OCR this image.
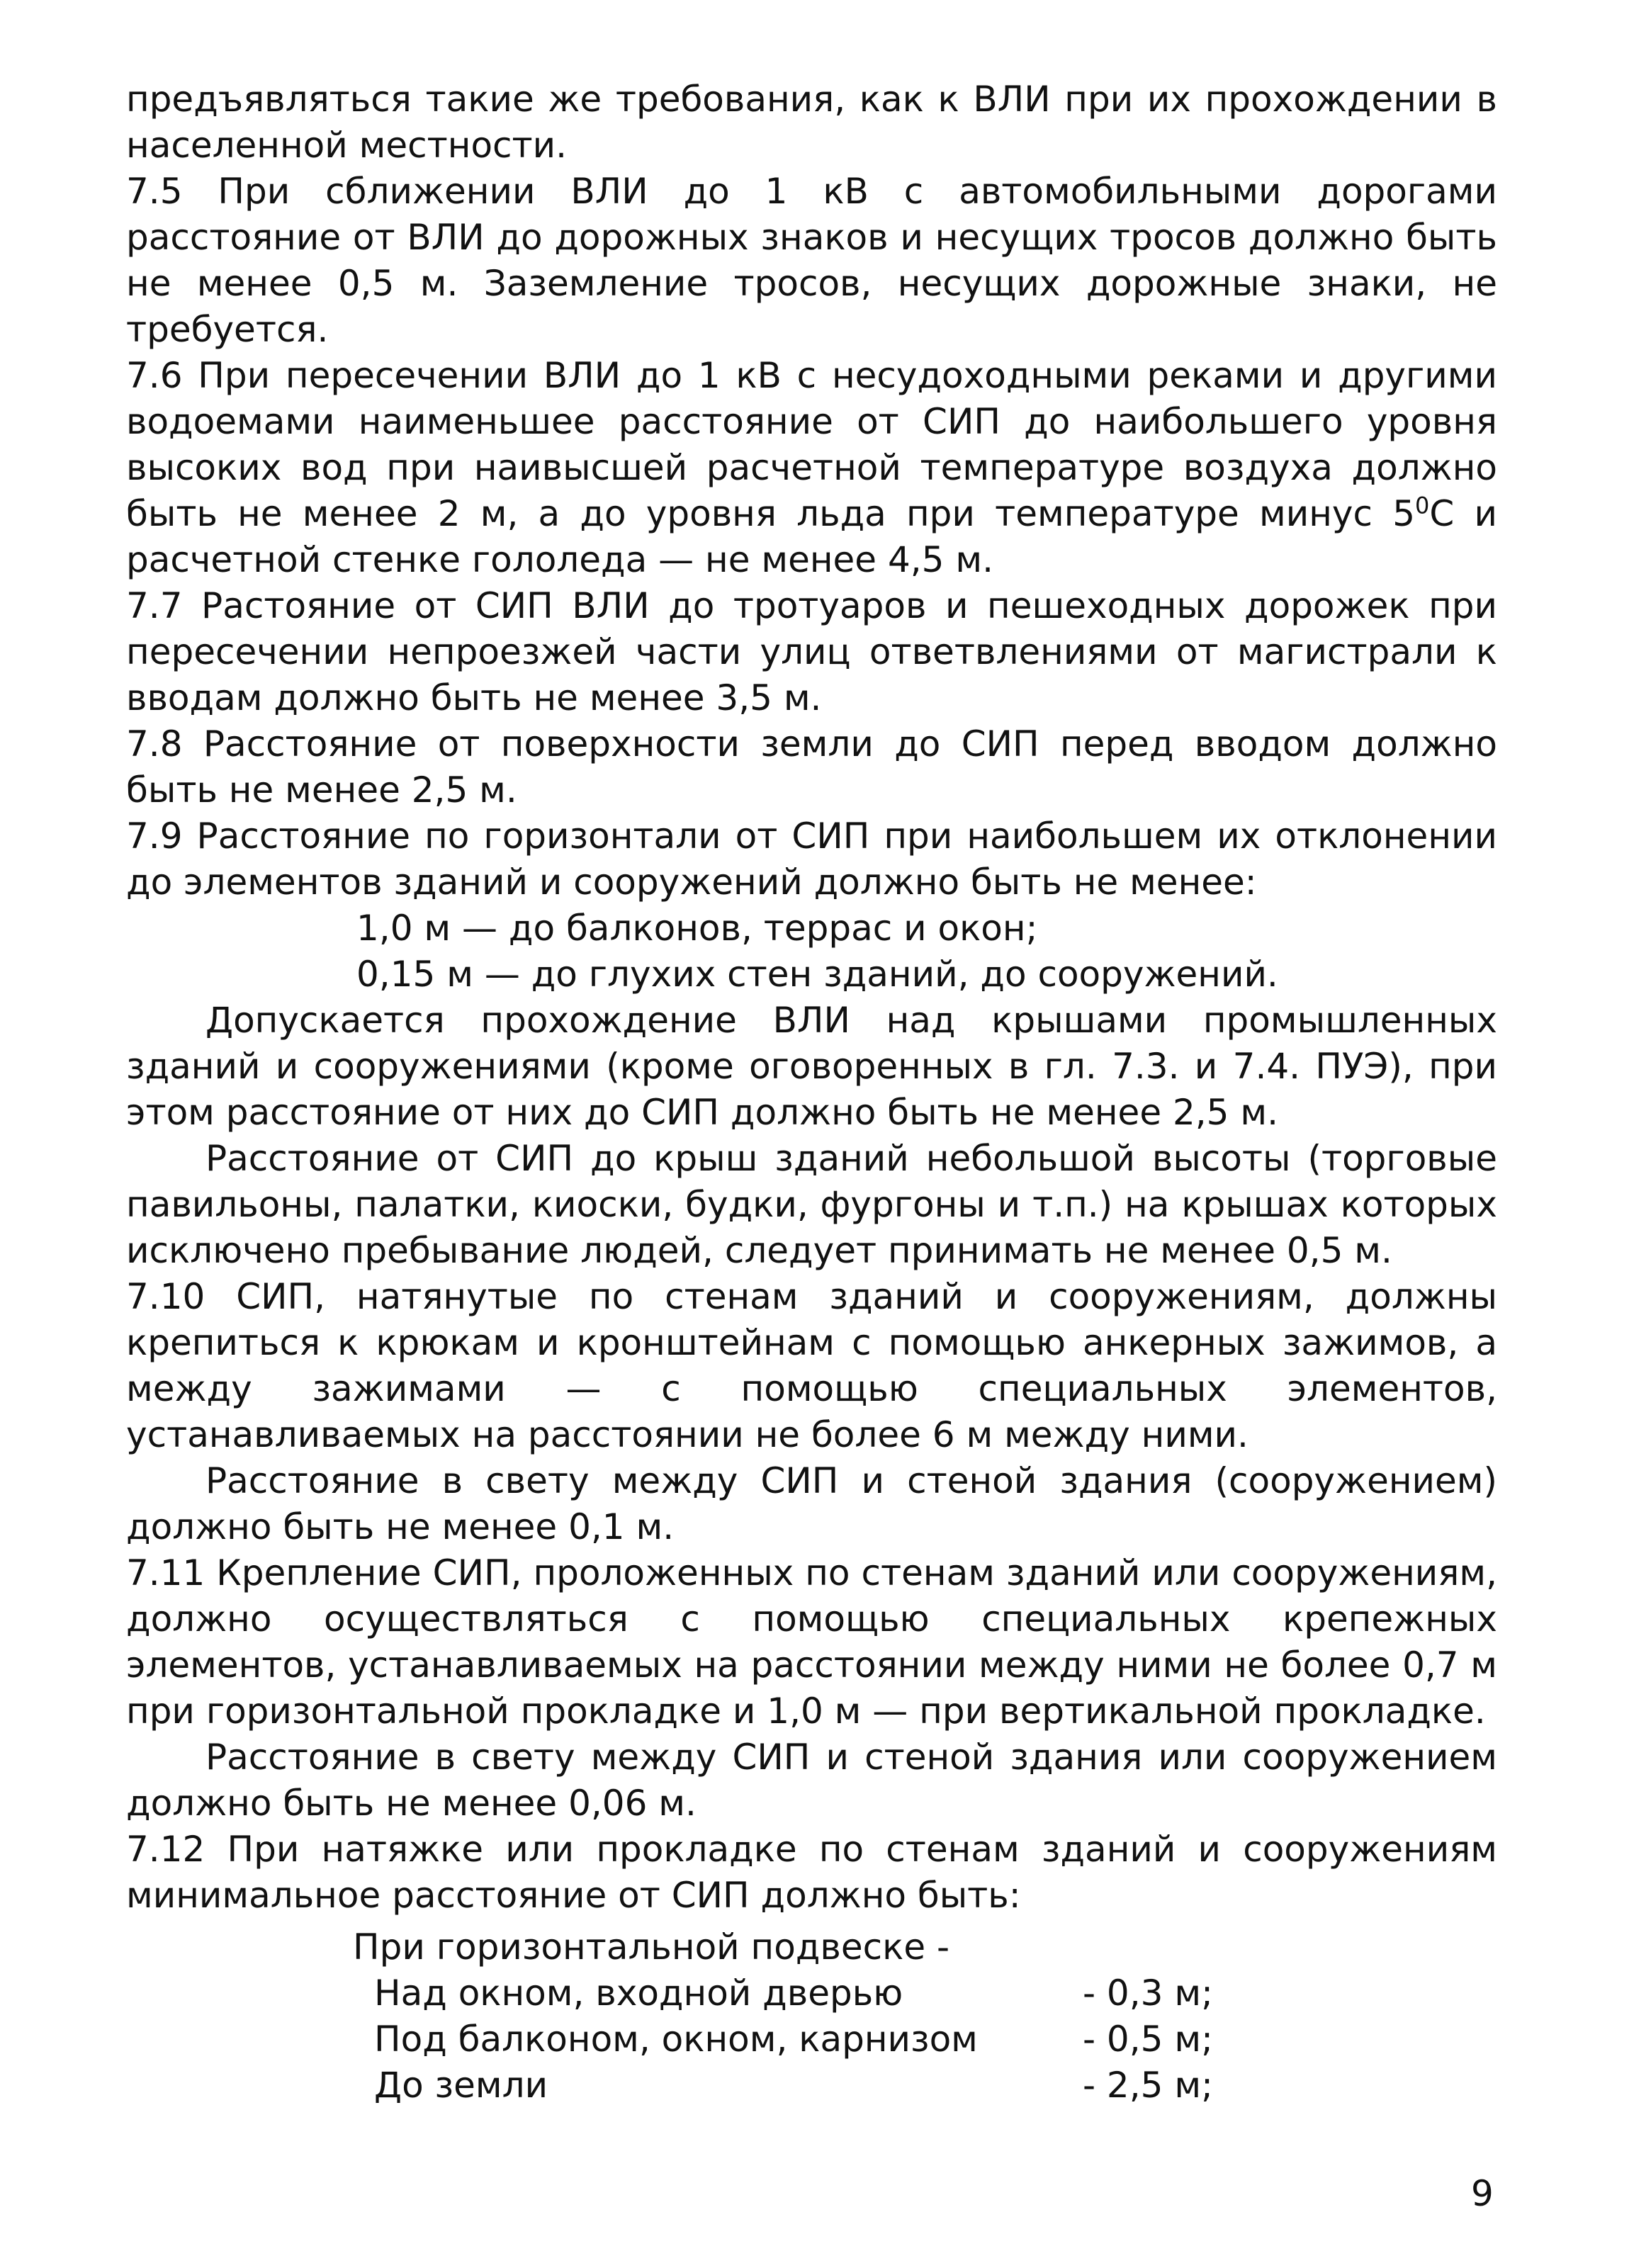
предъявляться такие же требования, как к ВЛИ при их прохождении в населенной местности.

7.5 При сближении ВЛИ до 1 кВ с автомобильными дорогами расстояние от ВЛИ до дорожных знаков и несущих тросов должно быть не менее 0,5 м. Заземление тросов, несущих дорожные знаки, не требуется.

7.6 При пересечении ВЛИ до 1 кВ с несудоходными реками и другими водоемами наименьшее расстояние от СИП до наибольшего уровня высоких вод при наивысшей расчетной температуре воздуха должно быть не менее 2 м, а до уровня льда при температуре минус $5^0С$ и расчетной стенке гололеда — не менее 4,5 м.

7.7 Растояние от СИП ВЛИ до тротуаров и пешеходных дорожек при пересечении непроезжей части улиц ответвлениями от магистрали к вводам должно быть не менее 3,5 м.

7.8 Расстояние от поверхности земли до СИП перед вводом должно быть не менее 2,5 м.

7.9 Расстояние по горизонтали от СИП при наибольшем их отклонении до элементов зданий и сооружений должно быть не менее:

1,0 м — до балконов, террас и окон;

0,15 м — до глухих стен зданий, до сооружений.

Допускается прохождение ВЛИ над крышами промышленных зданий и сооружениями (кроме оговоренных в гл. 7.3. и 7.4. ПУЭ), при этом расстояние от них до СИП должно быть не менее 2,5 м.

Расстояние от СИП до крыш зданий небольшой высоты (торговые павильоны, палатки, киоски, будки, фургоны и т.п.) на крышах которых исключено пребывание людей, следует принимать не менее 0,5 м.

7.10 СИП, натянутые по стенам зданий и сооружениям, должны крепиться к крюкам и кронштейнам с помощью анкерных зажимов, а между зажимами — с помощью специальных элементов, устанавливаемых на расстоянии не более 6 м между ними.

Расстояние в свету между СИП и стеной здания (сооружением) должно быть не менее 0,1 м.

7.11 Крепление СИП, проложенных по стенам зданий или сооружениям, должно осуществляться с помощью специальных крепежных элементов, устанавливаемых на расстоянии между ними не более 0,7 м при горизонтальной прокладке и 1,0 м — при вертикальной прокладке.

Расстояние в свету между СИП и стеной здания или сооружением должно быть не менее 0,06 м.

7.12 При натяжке или прокладке по стенам зданий и сооружениям минимальное расстояние от СИП должно быть:

При горизонтальной подвеске -
Над окном, входной дверью	- 0,3 м;
Под балконом, окном, карнизом	- 0,5 м;
До земли	- 2,5 м;
9
